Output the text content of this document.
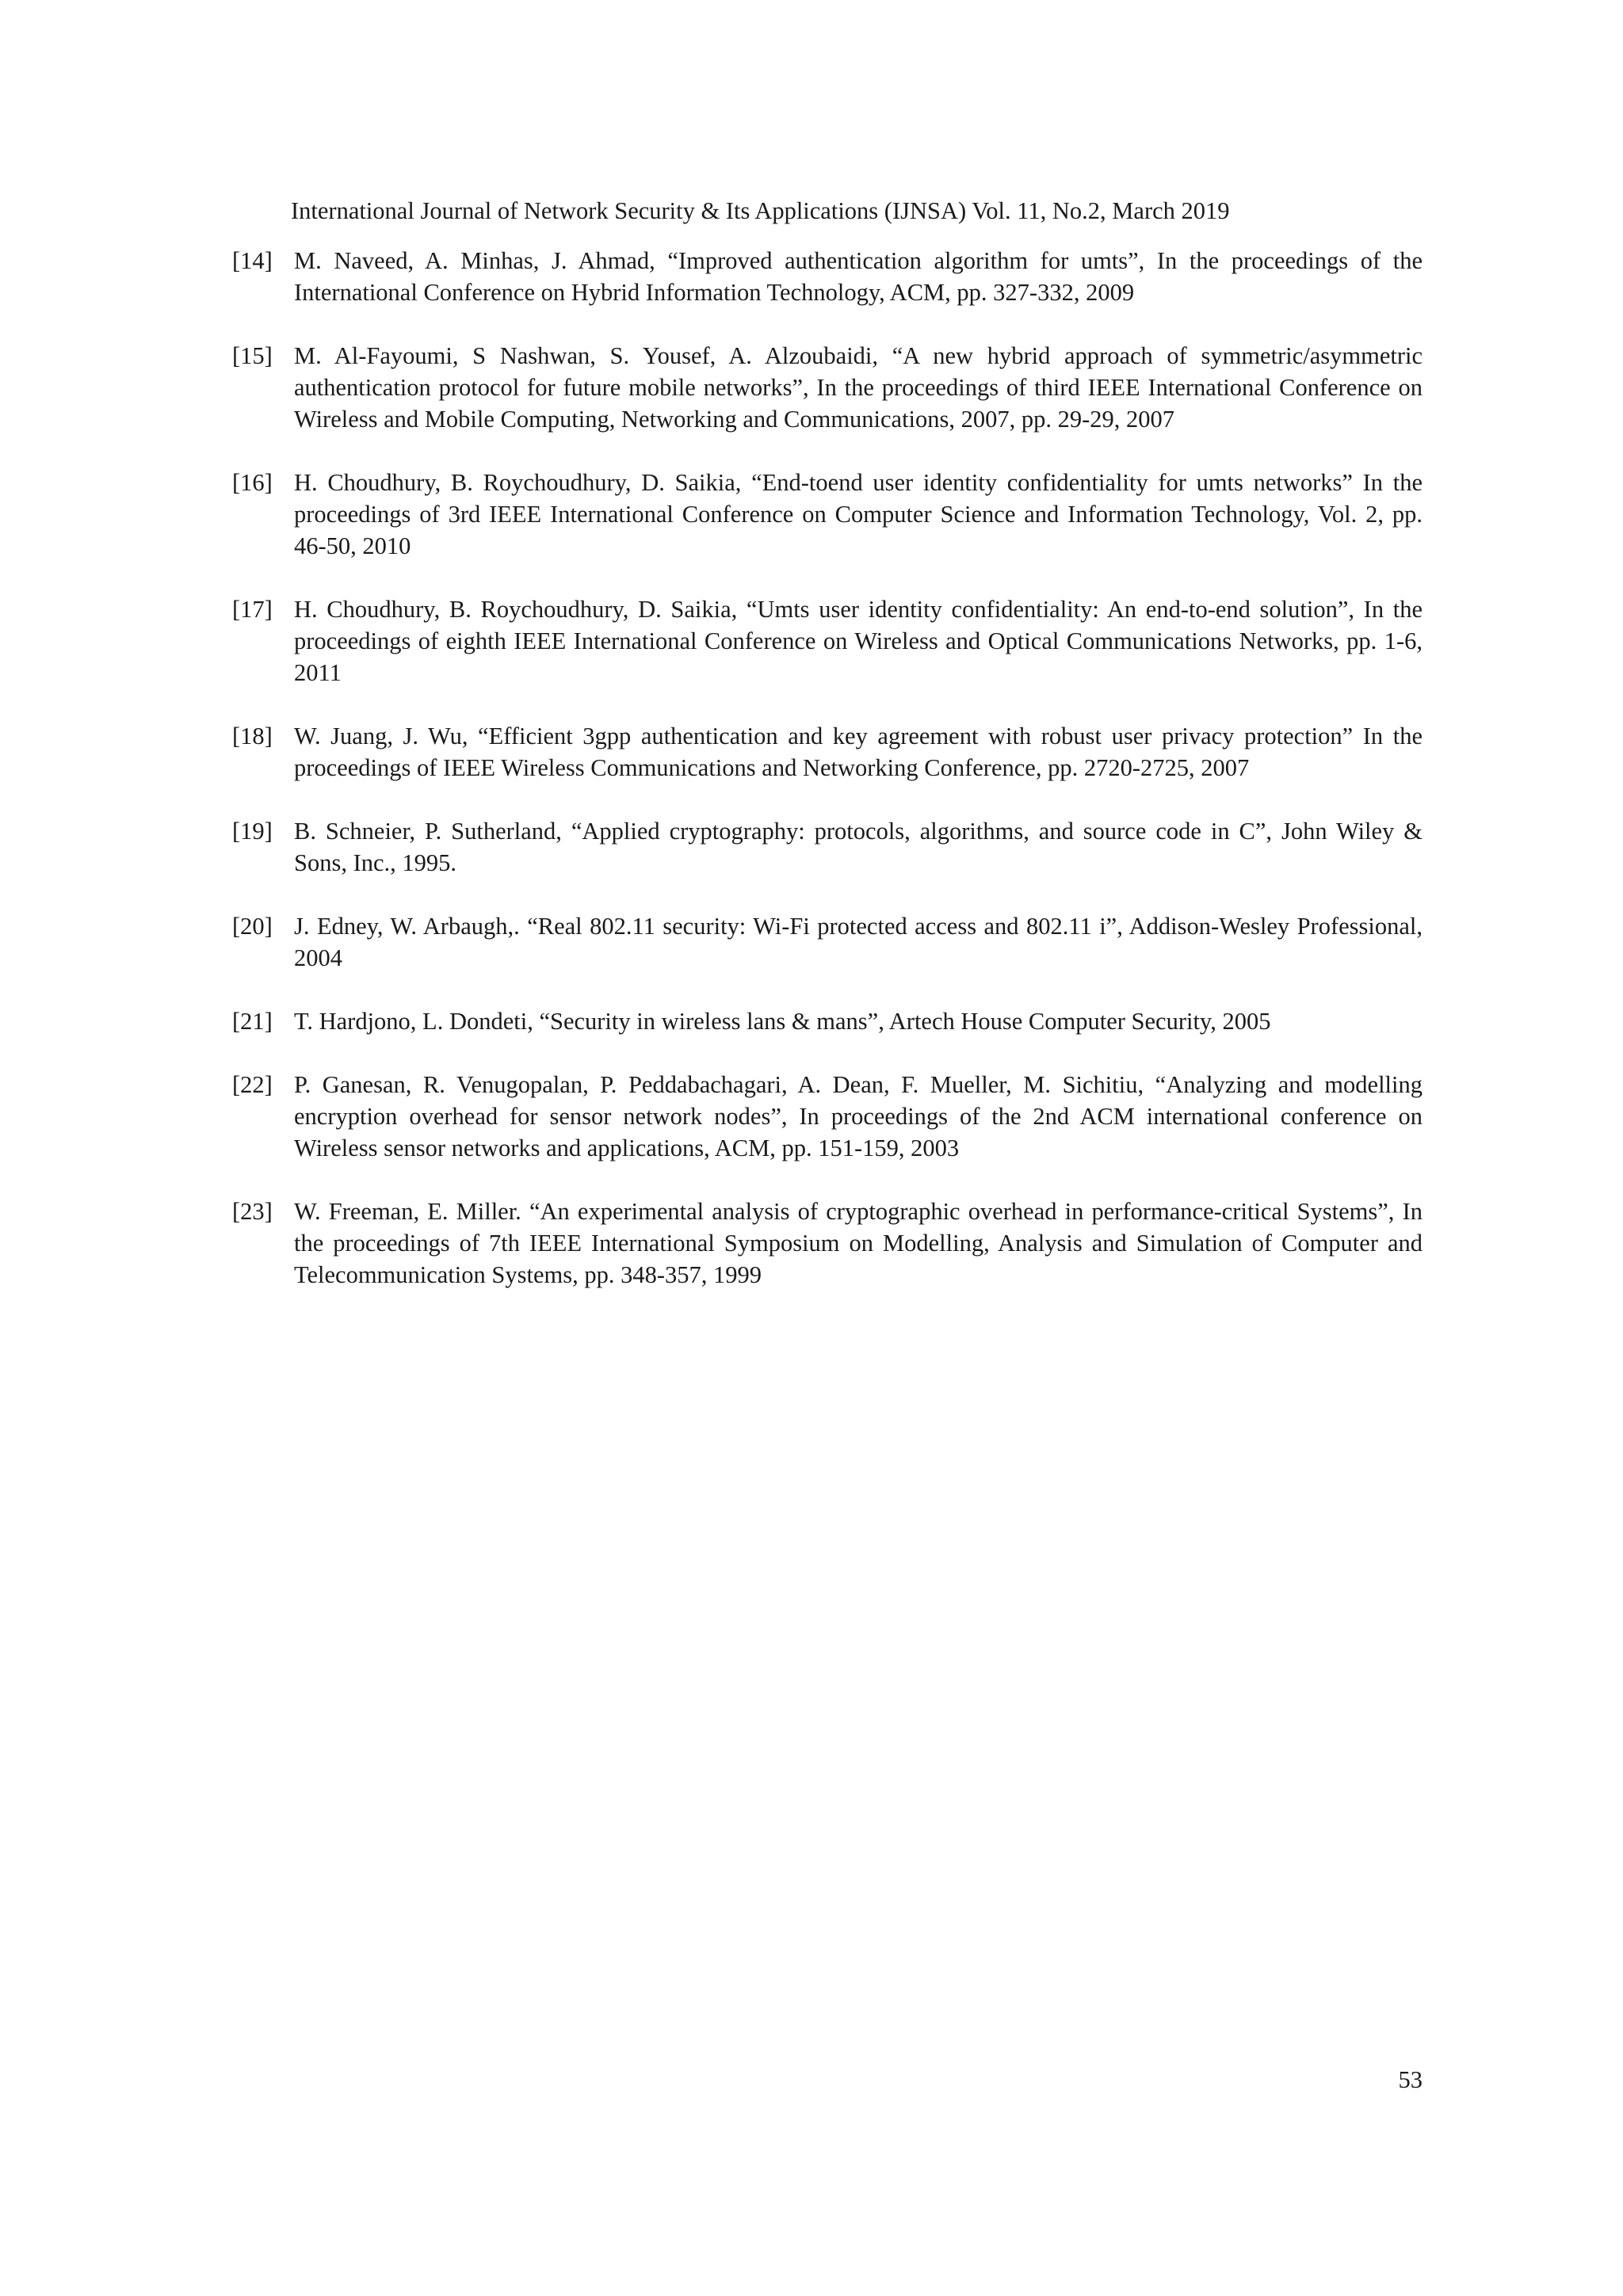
International Journal of Network Security & Its Applications (IJNSA) Vol. 11, No.2, March 2019
[14] M. Naveed, A. Minhas, J. Ahmad, “Improved authentication algorithm for umts”, In the proceedings of the International Conference on Hybrid Information Technology, ACM, pp. 327-332, 2009
[15] M. Al-Fayoumi, S Nashwan, S. Yousef, A. Alzoubaidi, “A new hybrid approach of symmetric/asymmetric authentication protocol for future mobile networks”, In the proceedings of third IEEE International Conference on Wireless and Mobile Computing, Networking and Communications, 2007, pp. 29-29, 2007
[16] H. Choudhury, B. Roychoudhury, D. Saikia, “End-toend user identity confidentiality for umts networks” In the proceedings of 3rd IEEE International Conference on Computer Science and Information Technology, Vol. 2, pp. 46-50, 2010
[17] H. Choudhury, B. Roychoudhury, D. Saikia, “Umts user identity confidentiality: An end-to-end solution”, In the proceedings of eighth IEEE International Conference on Wireless and Optical Communications Networks, pp. 1-6, 2011
[18] W. Juang, J. Wu, “Efficient 3gpp authentication and key agreement with robust user privacy protection” In the proceedings of IEEE Wireless Communications and Networking Conference, pp. 2720-2725, 2007
[19] B. Schneier, P. Sutherland, “Applied cryptography: protocols, algorithms, and source code in C”, John Wiley & Sons, Inc., 1995.
[20] J. Edney, W. Arbaugh,. “Real 802.11 security: Wi-Fi protected access and 802.11 i”, Addison-Wesley Professional, 2004
[21] T. Hardjono, L. Dondeti, “Security in wireless lans & mans”, Artech House Computer Security, 2005
[22] P. Ganesan, R. Venugopalan, P. Peddabachagari, A. Dean, F. Mueller, M. Sichitiu, “Analyzing and modelling encryption overhead for sensor network nodes”, In proceedings of the 2nd ACM international conference on Wireless sensor networks and applications, ACM, pp. 151-159, 2003
[23] W. Freeman, E. Miller. “An experimental analysis of cryptographic overhead in performance-critical Systems”, In the proceedings of 7th IEEE International Symposium on Modelling, Analysis and Simulation of Computer and Telecommunication Systems, pp. 348-357, 1999
53
